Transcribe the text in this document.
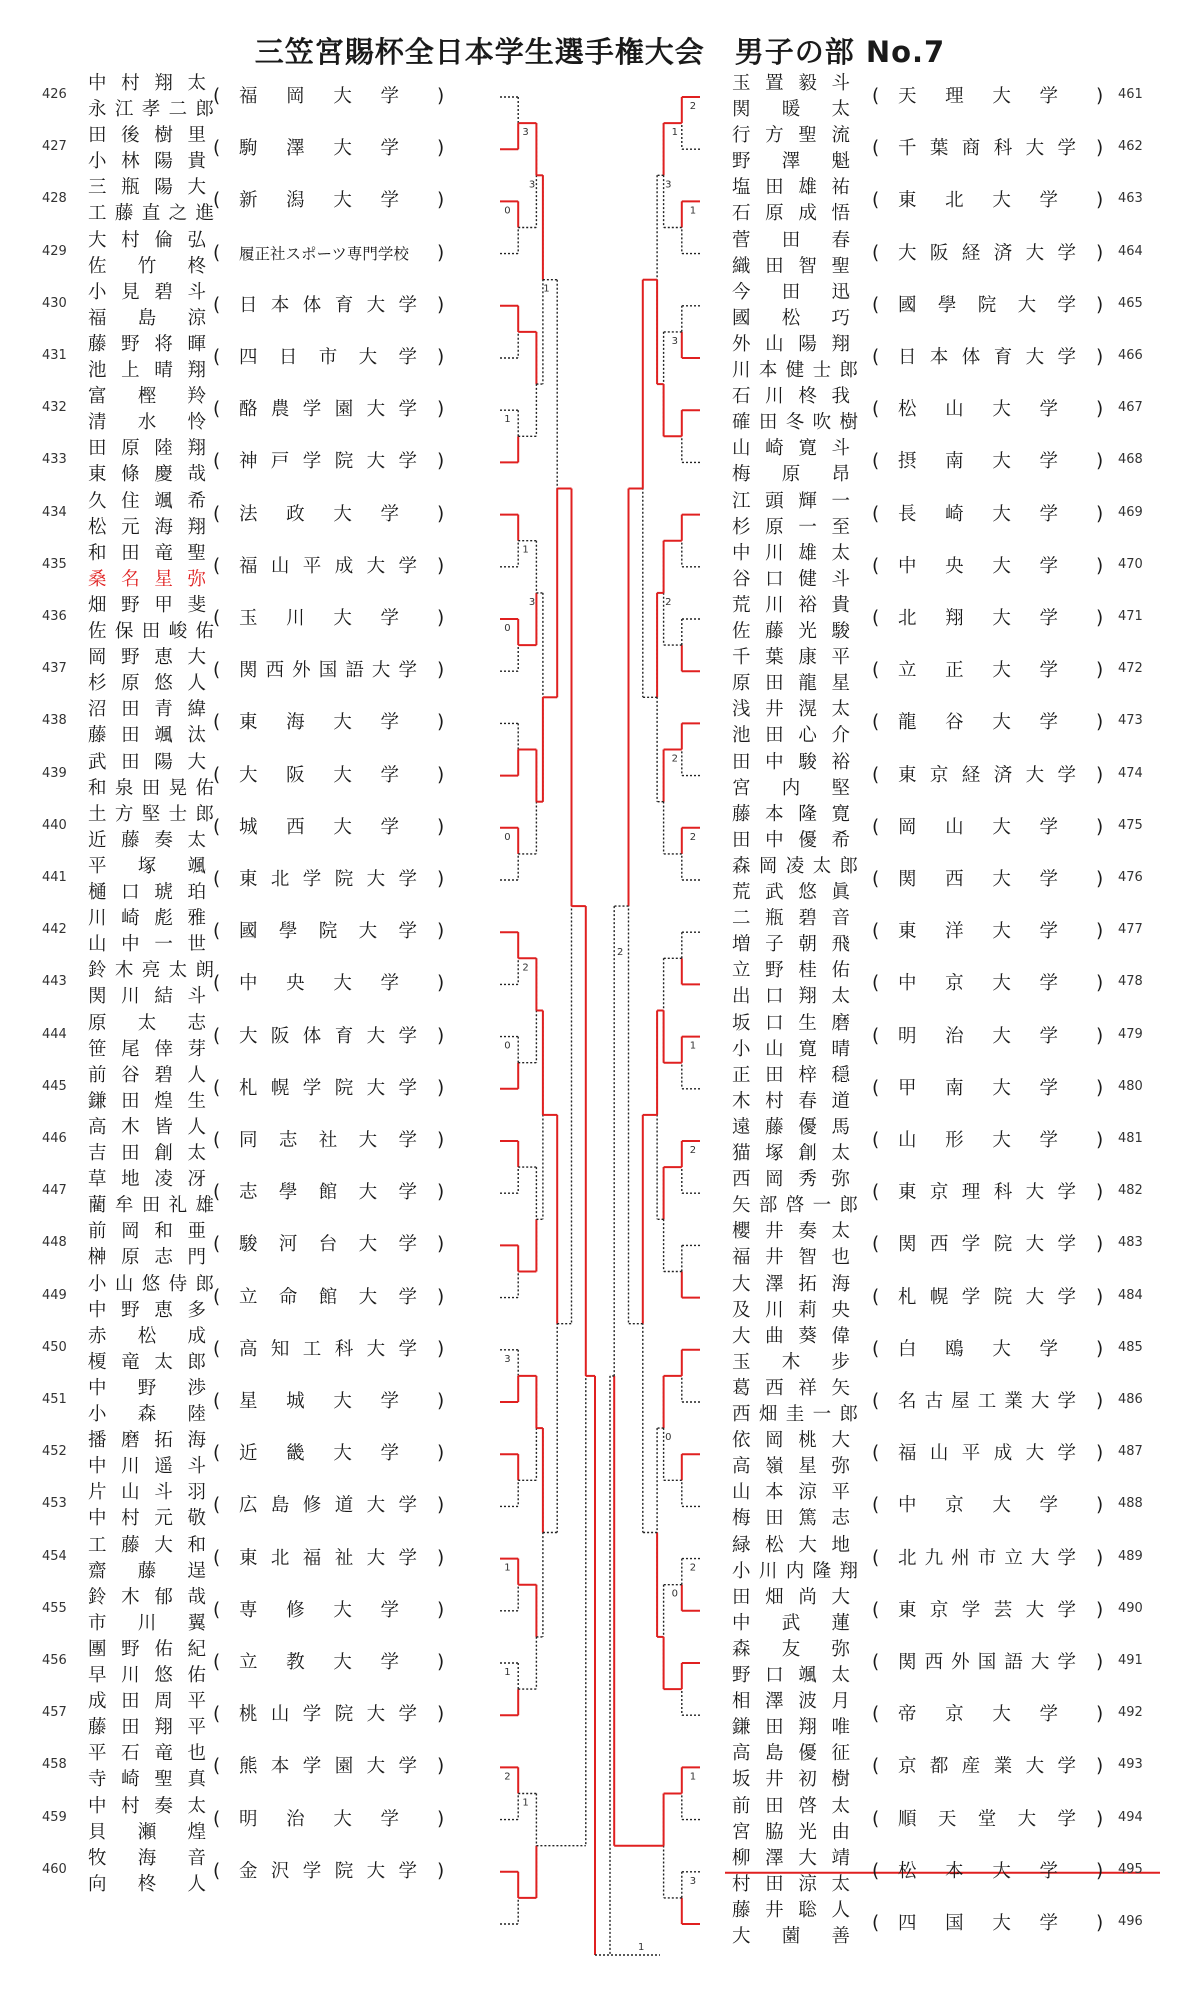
三笠宮賜杯全日本学生選手権大会　男子の部 No.7
0
1
0
0
0
3
1
1
2
3
1
2
1
3
3
1
2
1
2
1
2
2
1
3
1
3
2
0
3
2
0
2
1
426
中村翔太
永江孝二郎
( 福岡大学 )
427
田後樹里
小林陽貴
( 駒澤大学 )
428
三瓶陽大
工藤直之進
( 新潟大学 )
429
大村倫弘
佐竹柊
( 履正社スポーツ専門学校 )
430
小見碧斗
福島涼
( 日本体育大学 )
431
藤野将暉
池上晴翔
( 四日市大学 )
432
富樫羚
清水怜
( 酪農学園大学 )
433
田原陸翔
東條慶哉
( 神戸学院大学 )
434
久住颯希
松元海翔
( 法政大学 )
435
和田竜聖
桑名星弥
( 福山平成大学 )
436
畑野甲斐
佐保田峻佑
( 玉川大学 )
437
岡野恵大
杉原悠人
( 関西外国語大学 )
438
沼田青緯
藤田颯汰
( 東海大学 )
439
武田陽大
和泉田晃佑
( 大阪大学 )
440
土方堅士郎
近藤奏太
( 城西大学 )
441
平塚颯
樋口琥珀
( 東北学院大学 )
442
川崎彪雅
山中一世
( 國學院大学 )
443
鈴木亮太朗
関川結斗
( 中央大学 )
444
原太志
笹尾倖芽
( 大阪体育大学 )
445
前谷碧人
鎌田煌生
( 札幌学院大学 )
446
高木皆人
吉田創太
( 同志社大学 )
447
草地凌冴
藺牟田礼雄
( 志學館大学 )
448
前岡和亜
榊原志門
( 駿河台大学 )
449
小山悠侍郎
中野恵多
( 立命館大学 )
450
赤松成
榎竜太郎
( 高知工科大学 )
451
中野渉
小森陸
( 星城大学 )
452
播磨拓海
中川遥斗
( 近畿大学 )
453
片山斗羽
中村元敬
( 広島修道大学 )
454
工藤大和
齋藤逞
( 東北福祉大学 )
455
鈴木郁哉
市川翼
( 専修大学 )
456
團野佑紀
早川悠佑
( 立教大学 )
457
成田周平
藤田翔平
( 桃山学院大学 )
458
平石竜也
寺崎聖真
( 熊本学園大学 )
459
中村奏太
貝瀬煌
( 明治大学 )
460
牧海音
向柊人
( 金沢学院大学 )
461
玉置毅斗
関暖太
( 天理大学 )
462
行方聖流
野澤魁
( 千葉商科大学 )
463
塩田雄祐
石原成悟
( 東北大学 )
464
菅田春
織田智聖
( 大阪経済大学 )
465
今田迅
國松巧
( 國學院大学 )
466
外山陽翔
川本健士郎
( 日本体育大学 )
467
石川柊我
確田冬吹樹
( 松山大学 )
468
山崎寛斗
梅原昂
( 摂南大学 )
469
江頭輝一
杉原一至
( 長崎大学 )
470
中川雄太
谷口健斗
( 中央大学 )
471
荒川裕貴
佐藤光駿
( 北翔大学 )
472
千葉康平
原田龍星
( 立正大学 )
473
浅井滉太
池田心介
( 龍谷大学 )
474
田中駿裕
宮内堅
( 東京経済大学 )
475
藤本隆寛
田中優希
( 岡山大学 )
476
森岡凌太郎
荒武悠眞
( 関西大学 )
477
二瓶碧音
増子朝飛
( 東洋大学 )
478
立野桂佑
出口翔太
( 中京大学 )
479
坂口生磨
小山寛晴
( 明治大学 )
480
正田梓穏
木村春道
( 甲南大学 )
481
遠藤優馬
猫塚創太
( 山形大学 )
482
西岡秀弥
矢部啓一郎
( 東京理科大学 )
483
櫻井奏太
福井智也
( 関西学院大学 )
484
大澤拓海
及川莉央
( 札幌学院大学 )
485
大曲葵偉
玉木步
( 白鴎大学 )
486
葛西祥矢
西畑圭一郎
( 名古屋工業大学 )
487
依岡桃大
高嶺星弥
( 福山平成大学 )
488
山本涼平
梅田篤志
( 中京大学 )
489
緑松大地
小川内隆翔
( 北九州市立大学 )
490
田畑尚大
中武蓮
( 東京学芸大学 )
491
森友弥
野口颯太
( 関西外国語大学 )
492
相澤波月
鎌田翔唯
( 帝京大学 )
493
高島優征
坂井初樹
( 京都産業大学 )
494
前田啓太
宮脇光由
( 順天堂大学 )
495
柳澤大靖
村田涼太
( 松本大学 )
496
藤井聡人
大薗善
( 四国大学 )
